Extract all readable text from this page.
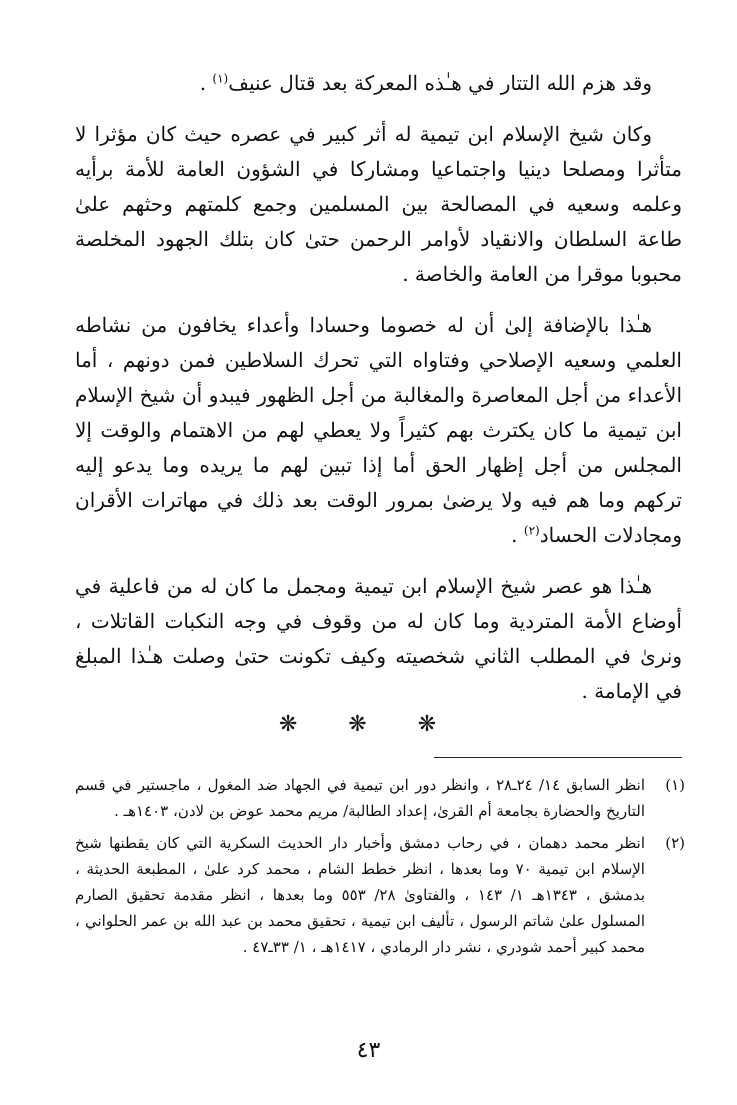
وقد هزم الله التتار في هـٰذه المعركة بعد قتال عنيف$^{(١)}$ .

وكان شيخ الإسلام ابن تيمية له أثر كبير في عصره حيث كان مؤثرا لا متأثرا ومصلحا دينيا واجتماعيا ومشاركا في الشؤون العامة للأمة برأيه وعلمه وسعيه في المصالحة بين المسلمين وجمع كلمتهم وحثهم علىٰ طاعة السلطان والانقياد لأوامر الرحمن حتىٰ كان بتلك الجهود المخلصة محبوبا موقرا من العامة والخاصة .

هـٰذا بالإضافة إلىٰ أن له خصوما وحسادا وأعداء يخافون من نشاطه العلمي وسعيه الإصلاحي وفتاواه التي تحرك السلاطين فمن دونهم ، أما الأعداء من أجل المعاصرة والمغالبة من أجل الظهور فيبدو أن شيخ الإسلام ابن تيمية ما كان يكترث بهم كثيراً ولا يعطي لهم من الاهتمام والوقت إلا المجلس من أجل إظهار الحق أما إذا تبين لهم ما يريده وما يدعو إليه تركهم وما هم فيه ولا يرضىٰ بمرور الوقت بعد ذلك في مهاترات الأقران ومجادلات الحساد$^{(٢)}$ .

هـٰذا هو عصر شيخ الإسلام ابن تيمية ومجمل ما كان له من فاعلية في أوضاع الأمة المتردية وما كان له من وقوف في وجه النكبات القاتلات ، ونرىٰ في المطلب الثاني شخصيته وكيف تكونت حتىٰ وصلت هـٰذا المبلغ في الإمامة .

❋ ❋ ❋
(١)
انظر السابق ١٤/ ٢٤ـ٢٨ ، وانظر دور ابن تيمية في الجهاد ضد المغول ، ماجستير في قسم التاريخ والحضارة بجامعة أم القرىٰ، إعداد الطالبة/ مريم محمد عوض بن لادن، ١٤٠٣هـ .
(٢)
انظر محمد دهمان ، في رحاب دمشق وأخبار دار الحديث السكرية التي كان يقطنها شيخ الإسلام ابن تيمية ٧٠ وما بعدها ، انظر خطط الشام ، محمد كرد علىٰ ، المطبعة الحديثة ، بدمشق ، ١٣٤٣هـ ١/ ١٤٣ ، والفتاوىٰ ٢٨/ ٥٥٣ وما بعدها ، انظر مقدمة تحقيق الصارم المسلول علىٰ شاتم الرسول ، تأليف ابن تيمية ، تحقيق محمد بن عبد الله بن عمر الحلواني ، محمد كبير أحمد شودري ، نشر دار الرمادي ، ١٤١٧هـ ، ١/ ٣٣ـ٤٧ .
٤٣
